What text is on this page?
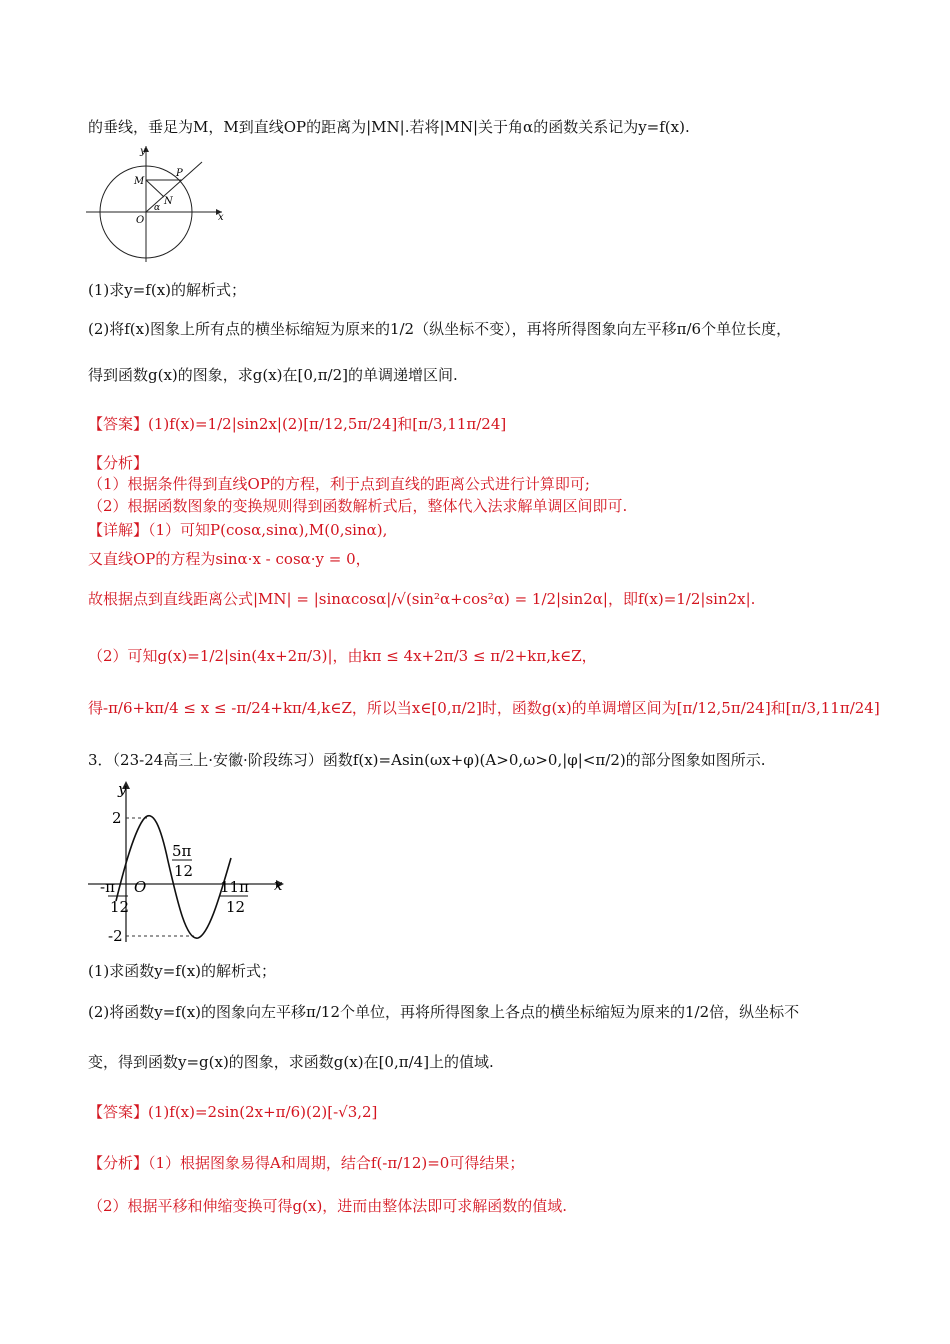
的垂线，垂足为M，M到直线OP的距离为|MN|.若将|MN|关于角α的函数关系记为y=f(x).
y
x
O
M
N
P
α
(1)求y=f(x)的解析式；
(2)将f(x)图象上所有点的横坐标缩短为原来的1/2（纵坐标不变），再将所得图象向左平移π/6个单位长度，
得到函数g(x)的图象，求g(x)在[0,π/2]的单调递增区间.
【答案】(1)f(x)=1/2|sin2x|(2)[π/12,5π/24]和[π/3,11π/24]
【分析】
（1）根据条件得到直线OP的方程，利于点到直线的距离公式进行计算即可;
（2）根据函数图象的变换规则得到函数解析式后，整体代入法求解单调区间即可.
【详解】（1）可知P(cosα,sinα),M(0,sinα),
又直线OP的方程为sinα·x - cosα·y = 0，
故根据点到直线距离公式|MN| = |sinαcosα|/√(sin²α+cos²α) = 1/2|sin2α|，即f(x)=1/2|sin2x|.
（2）可知g(x)=1/2|sin(4x+2π/3)|，由kπ ≤ 4x+2π/3 ≤ π/2+kπ,k∈Z，
得-π/6+kπ/4 ≤ x ≤ -π/24+kπ/4,k∈Z，所以当x∈[0,π/2]时，函数g(x)的单调增区间为[π/12,5π/24]和[π/3,11π/24]
3．（23-24高三上·安徽·阶段练习）函数f(x)=Asin(ωx+φ)(A>0,ω>0,|φ|<π/2)的部分图象如图所示.
y
x
O
2
-2
5π
12
11π
12
-π
12
(1)求函数y=f(x)的解析式；
(2)将函数y=f(x)的图象向左平移π/12个单位，再将所得图象上各点的横坐标缩短为原来的1/2倍，纵坐标不
变，得到函数y=g(x)的图象，求函数g(x)在[0,π/4]上的值域.
【答案】(1)f(x)=2sin(2x+π/6)(2)[-√3,2]
【分析】（1）根据图象易得A和周期，结合f(-π/12)=0可得结果；
（2）根据平移和伸缩变换可得g(x)，进而由整体法即可求解函数的值域.
